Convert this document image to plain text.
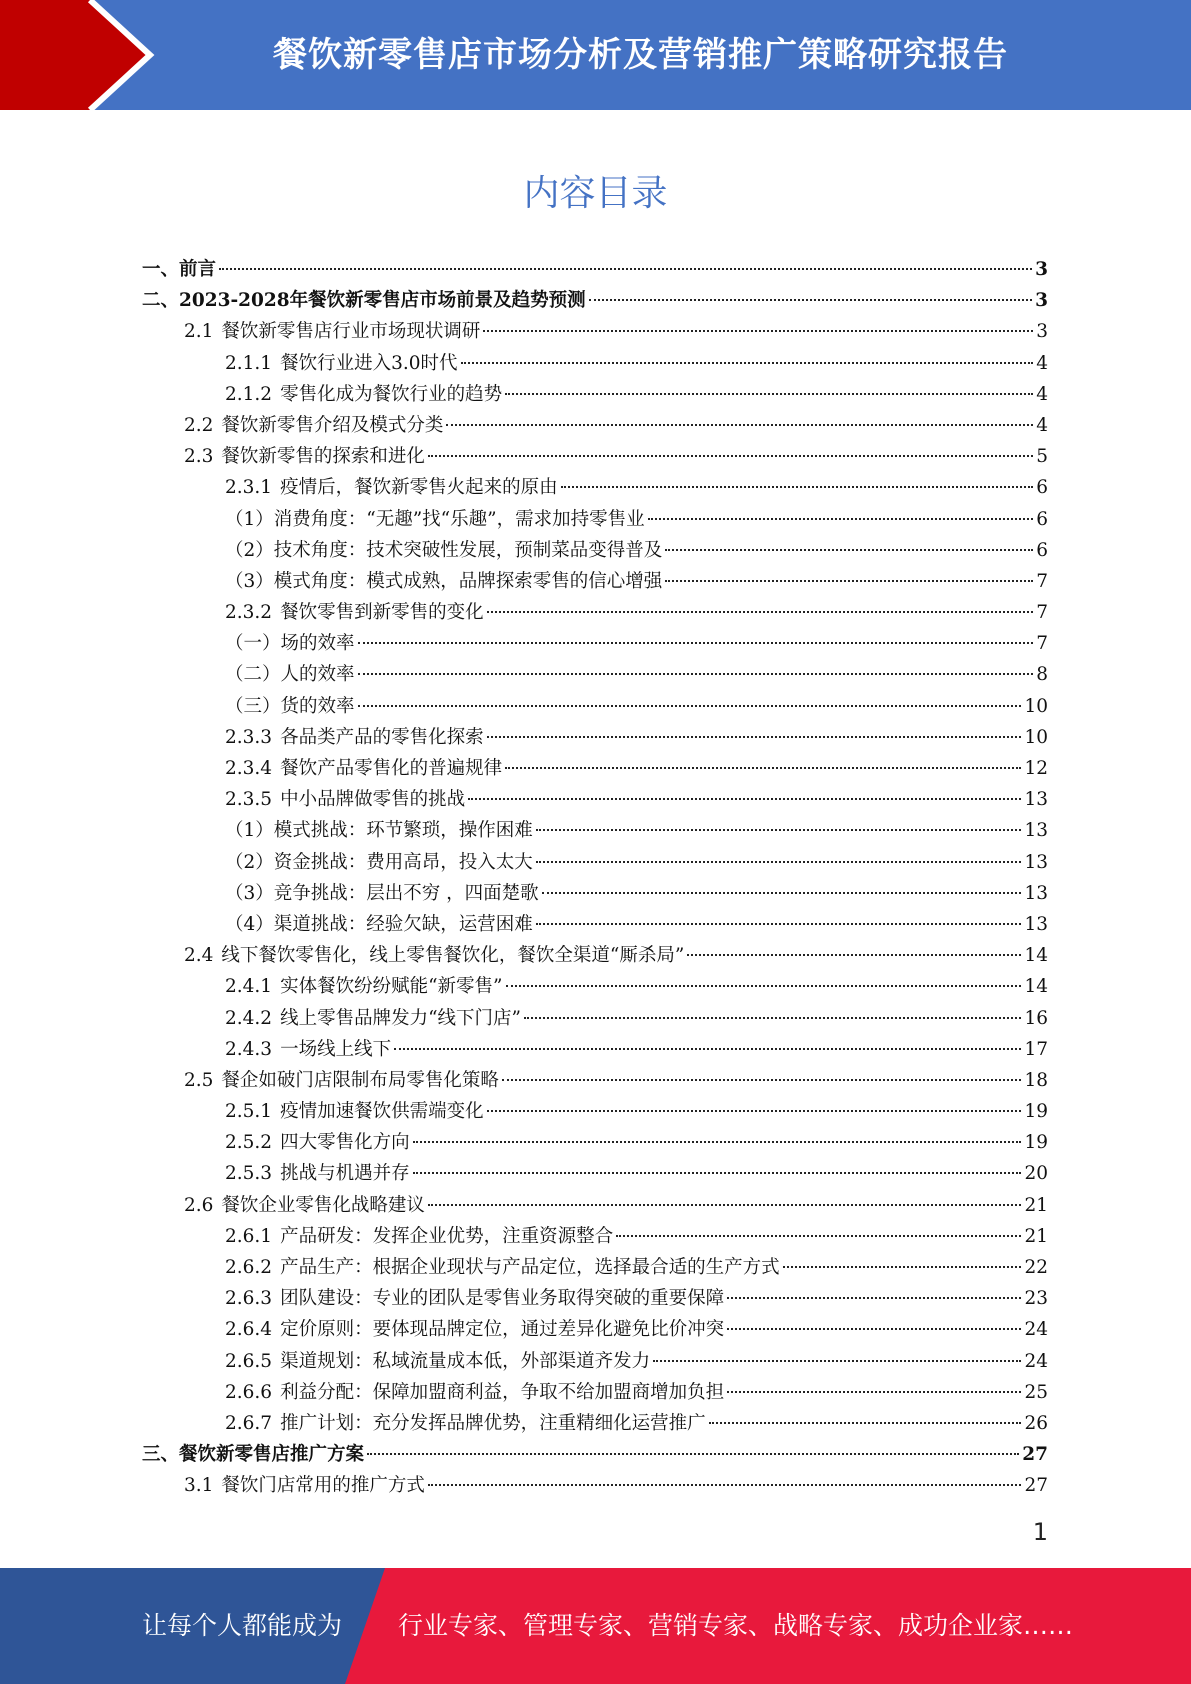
餐饮新零售店市场分析及营销推广策略研究报告
内容目录
一、前言	3
二、2023-2028年餐饮新零售店市场前景及趋势预测	3
2.1 餐饮新零售店行业市场现状调研	3
2.1.1 餐饮行业进入3.0时代	4
2.1.2 零售化成为餐饮行业的趋势	4
2.2 餐饮新零售介绍及模式分类	4
2.3 餐饮新零售的探索和进化	5
2.3.1 疫情后，餐饮新零售火起来的原由	6
（1）消费角度：“无趣”找“乐趣”，需求加持零售业	6
（2）技术角度：技术突破性发展，预制菜品变得普及	6
（3）模式角度：模式成熟，品牌探索零售的信心增强	7
2.3.2 餐饮零售到新零售的变化	7
（一）场的效率	7
（二）人的效率	8
（三）货的效率	10
2.3.3 各品类产品的零售化探索	10
2.3.4 餐饮产品零售化的普遍规律	12
2.3.5 中小品牌做零售的挑战	13
（1）模式挑战：环节繁琐，操作困难	13
（2）资金挑战：费用高昂，投入太大	13
（3）竞争挑战：层出不穷 ，四面楚歌	13
（4）渠道挑战：经验欠缺，运营困难	13
2.4 线下餐饮零售化，线上零售餐饮化，餐饮全渠道“厮杀局”	14
2.4.1 实体餐饮纷纷赋能“新零售”	14
2.4.2 线上零售品牌发力“线下门店”	16
2.4.3 一场线上线下	17
2.5 餐企如破门店限制布局零售化策略	18
2.5.1 疫情加速餐饮供需端变化	19
2.5.2 四大零售化方向	19
2.5.3 挑战与机遇并存	20
2.6 餐饮企业零售化战略建议	21
2.6.1 产品研发：发挥企业优势，注重资源整合	21
2.6.2 产品生产：根据企业现状与产品定位，选择最合适的生产方式	22
2.6.3 团队建设：专业的团队是零售业务取得突破的重要保障	23
2.6.4 定价原则：要体现品牌定位，通过差异化避免比价冲突	24
2.6.5 渠道规划：私域流量成本低，外部渠道齐发力	24
2.6.6 利益分配：保障加盟商利益，争取不给加盟商增加负担	25
2.6.7 推广计划：充分发挥品牌优势，注重精细化运营推广	26
三、餐饮新零售店推广方案	27
3.1 餐饮门店常用的推广方式	27
1
让每个人都能成为 行业专家、管理专家、营销专家、战略专家、成功企业家……
